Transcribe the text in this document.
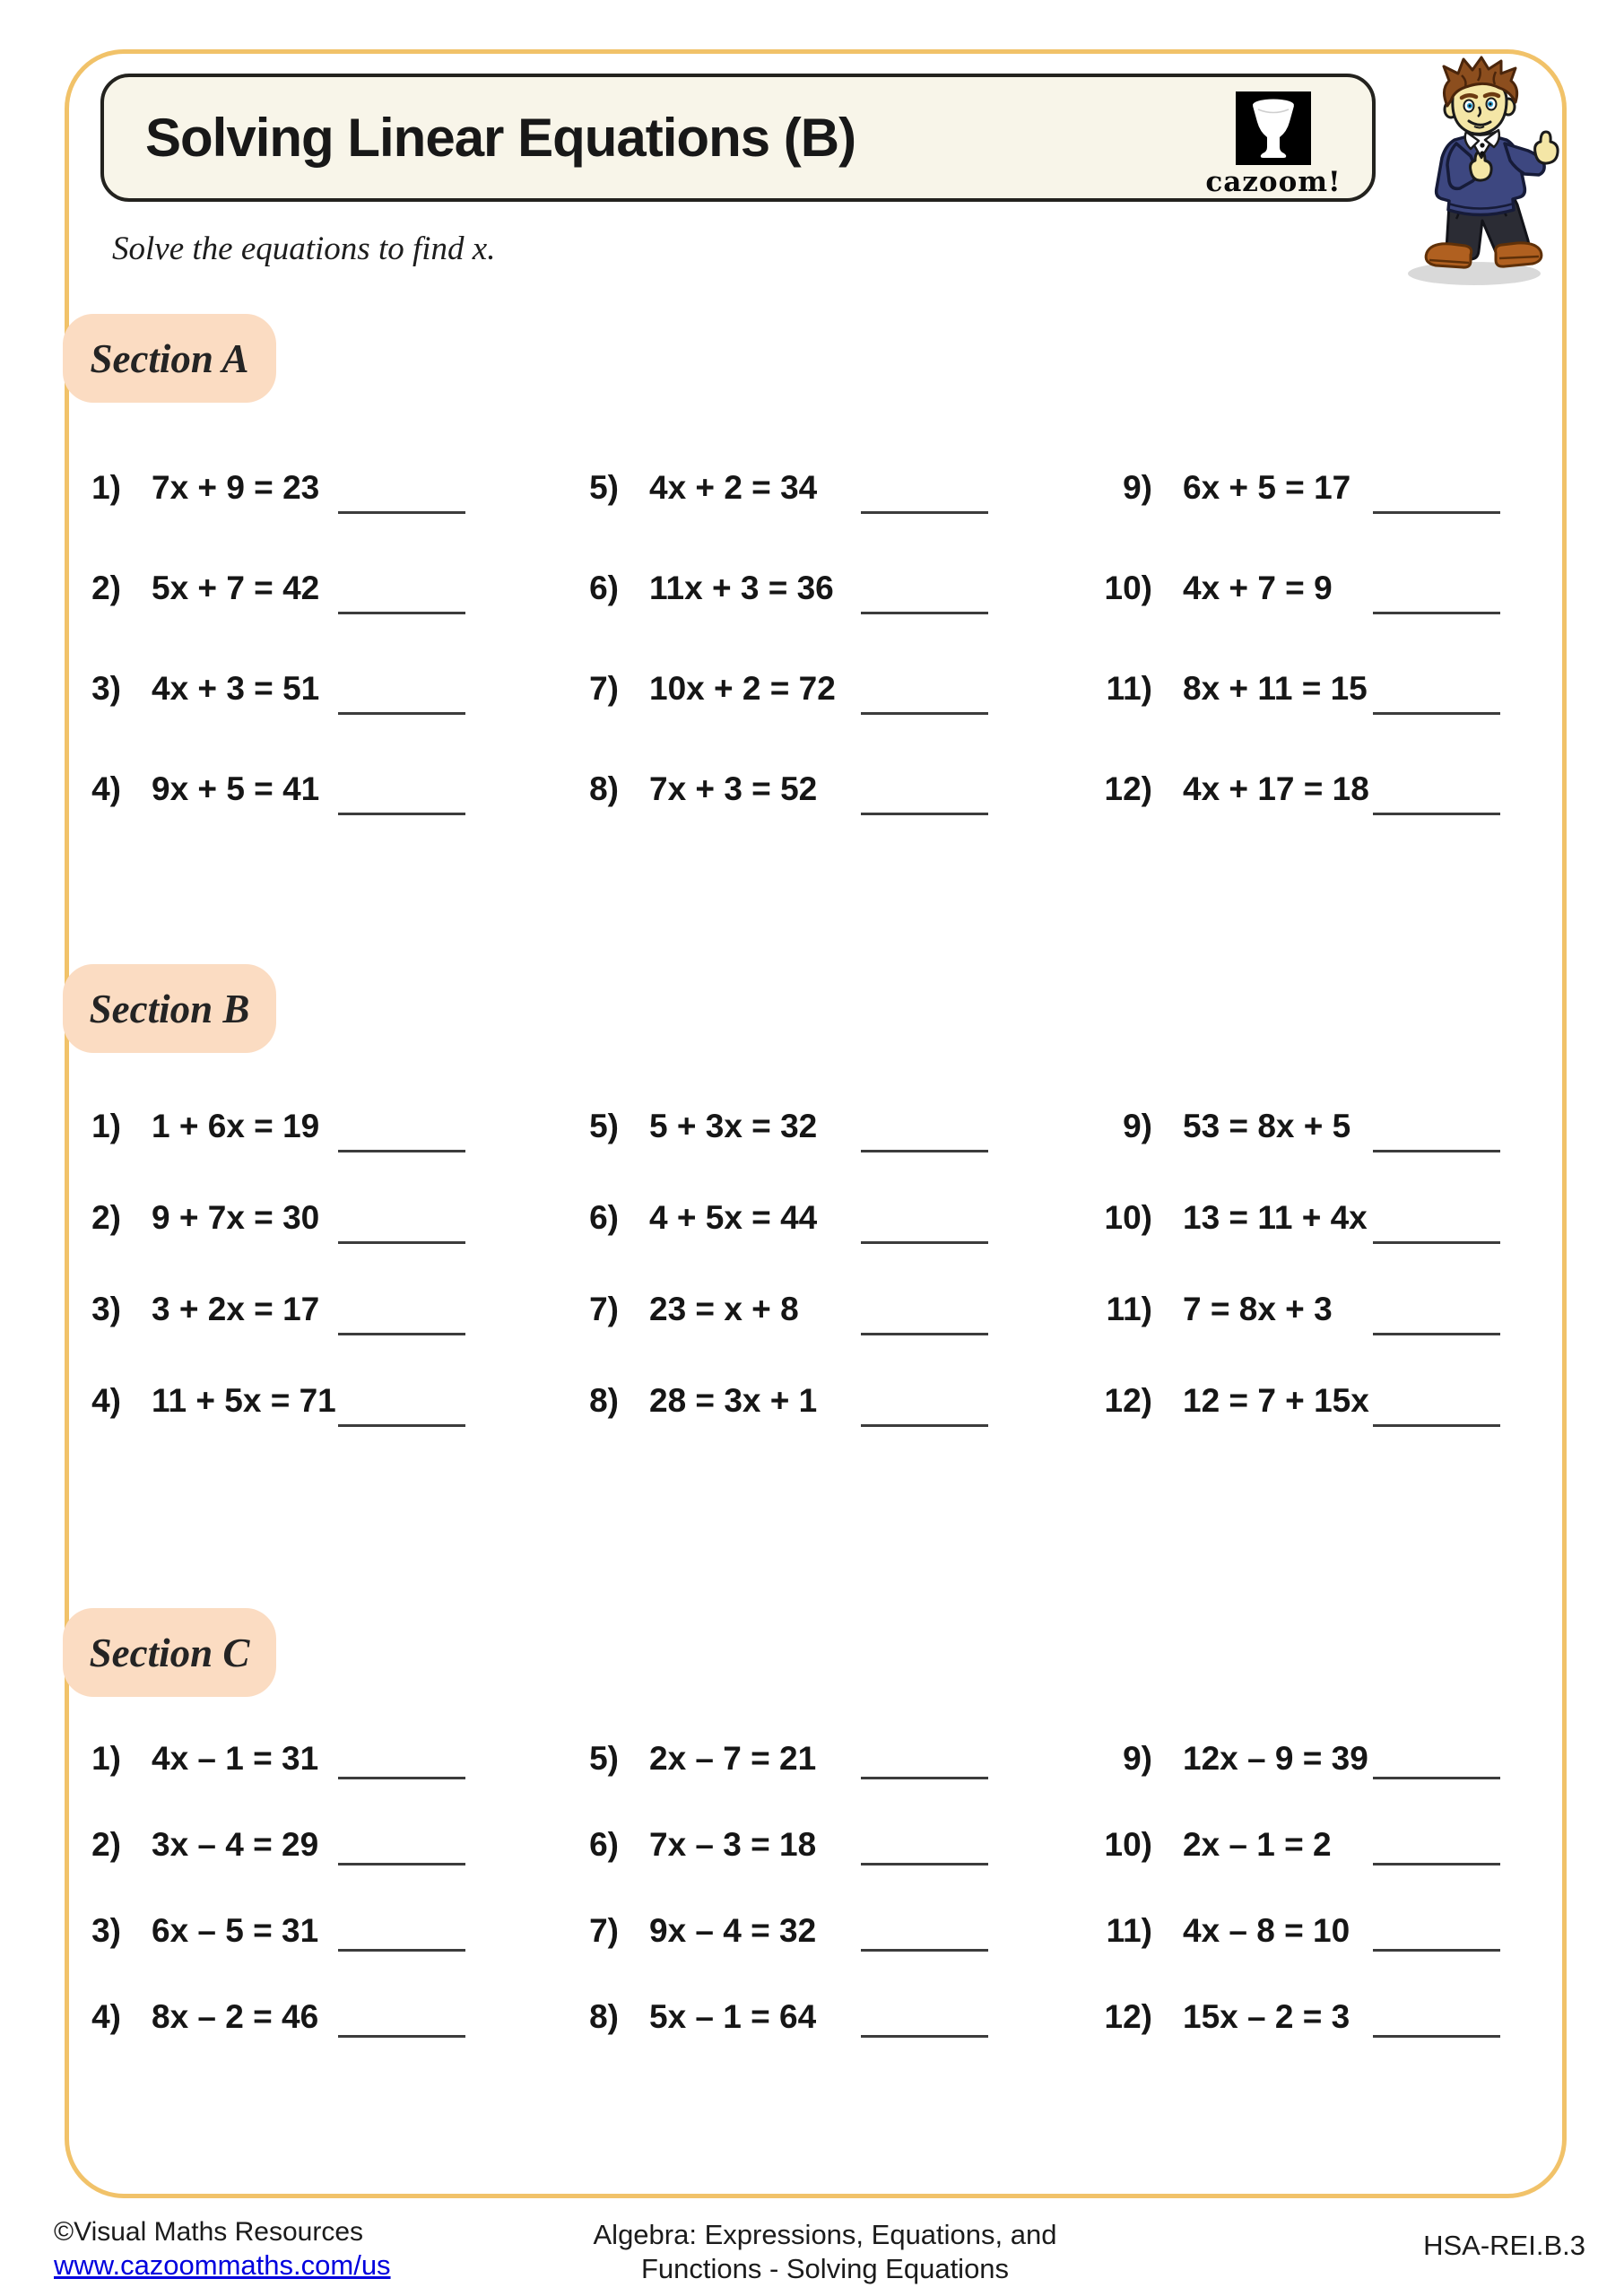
Solving Linear Equations (B)
cazoom!
Solve the equations to find x.
Section A
1) 7x + 9 = 23
2) 5x + 7 = 42
3) 4x + 3 = 51
4) 9x + 5 = 41
5) 4x + 2 = 34
6) 11x + 3 = 36
7) 10x + 2 = 72
8) 7x + 3 = 52
9) 6x + 5 = 17
10) 4x + 7 = 9
11) 8x + 11 = 15
12) 4x + 17 = 18
Section B
1) 1 + 6x = 19
2) 9 + 7x = 30
3) 3 + 2x = 17
4) 11 + 5x = 71
5) 5 + 3x = 32
6) 4 + 5x = 44
7) 23 = x + 8
8) 28 = 3x + 1
9) 53 = 8x + 5
10) 13 = 11 + 4x
11) 7 = 8x + 3
12) 12 = 7 + 15x
Section C
1) 4x – 1 = 31
2) 3x – 4 = 29
3) 6x – 5 = 31
4) 8x – 2 = 46
5) 2x – 7 = 21
6) 7x – 3 = 18
7) 9x – 4 = 32
8) 5x – 1 = 64
9) 12x – 9 = 39
10) 2x – 1 = 2
11) 4x – 8 = 10
12) 15x – 2 = 3
©Visual Maths Resources
www.cazoommaths.com/us
Algebra: Expressions, Equations, and
Functions - Solving Equations
HSA-REI.B.3
